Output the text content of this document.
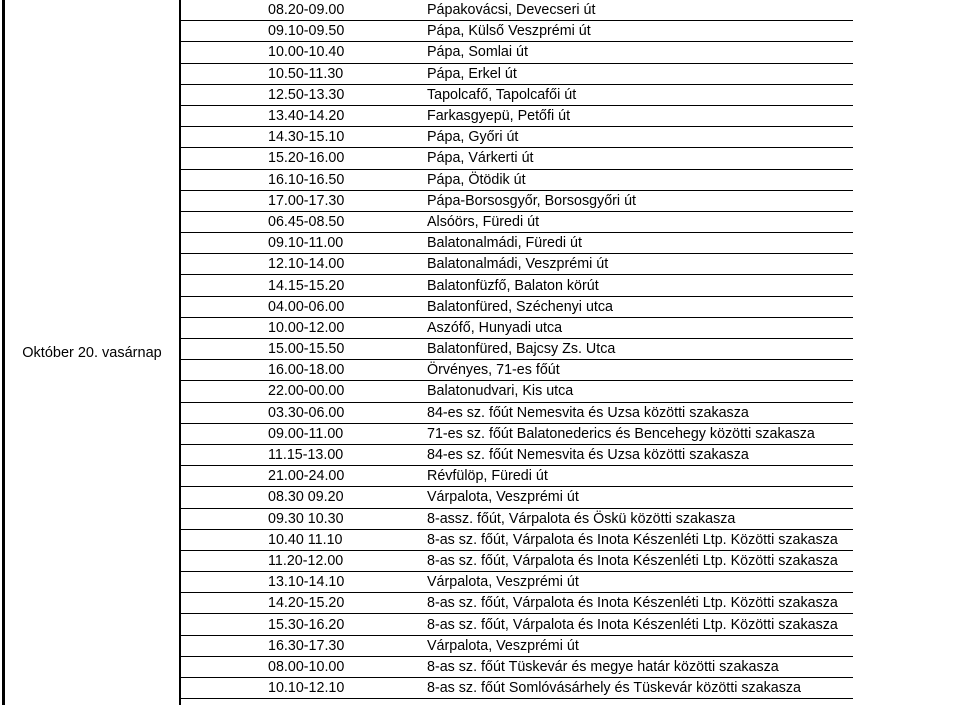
Október 20. vasárnap
08.20-09.00	Pápakovácsi, Devecseri út
09.10-09.50	Pápa, Külső Veszprémi út
10.00-10.40	Pápa, Somlai út
10.50-11.30	Pápa, Erkel út
12.50-13.30	Tapolcafő, Tapolcafői út
13.40-14.20	Farkasgyepü, Petőfi út
14.30-15.10	Pápa, Győri út
15.20-16.00	Pápa, Várkerti út
16.10-16.50	Pápa, Ötödik út
17.00-17.30	Pápa-Borsosgyőr, Borsosgyőri út
06.45-08.50	Alsóörs, Füredi út
09.10-11.00	Balatonalmádi, Füredi út
12.10-14.00	Balatonalmádi, Veszprémi út
14.15-15.20	Balatonfüzfő, Balaton körút
04.00-06.00	Balatonfüred, Széchenyi utca
10.00-12.00	Aszófő, Hunyadi utca
15.00-15.50	Balatonfüred, Bajcsy Zs. Utca
16.00-18.00	Örvényes, 71-es főút
22.00-00.00	Balatonudvari, Kis utca
03.30-06.00	84-es sz. főút Nemesvita és Uzsa közötti szakasza
09.00-11.00	71-es sz. főút Balatonederics és Bencehegy közötti szakasza
11.15-13.00	84-es sz. főút Nemesvita és Uzsa közötti szakasza
21.00-24.00	Révfülöp, Füredi út
08.30 09.20	Várpalota, Veszprémi út
09.30 10.30	8-assz. főút, Várpalota és Öskü közötti szakasza
10.40 11.10	8-as sz. főút, Várpalota és Inota Készenléti Ltp. Közötti szakasza
11.20-12.00	8-as sz. főút, Várpalota és Inota Készenléti Ltp. Közötti szakasza
13.10-14.10	Várpalota, Veszprémi út
14.20-15.20	8-as sz. főút, Várpalota és Inota Készenléti Ltp. Közötti szakasza
15.30-16.20	8-as sz. főút, Várpalota és Inota Készenléti Ltp. Közötti szakasza
16.30-17.30	Várpalota, Veszprémi út
08.00-10.00	8-as sz. főút Tüskevár és megye határ közötti szakasza
10.10-12.10	8-as sz. főút Somlóvásárhely és Tüskevár közötti szakasza
